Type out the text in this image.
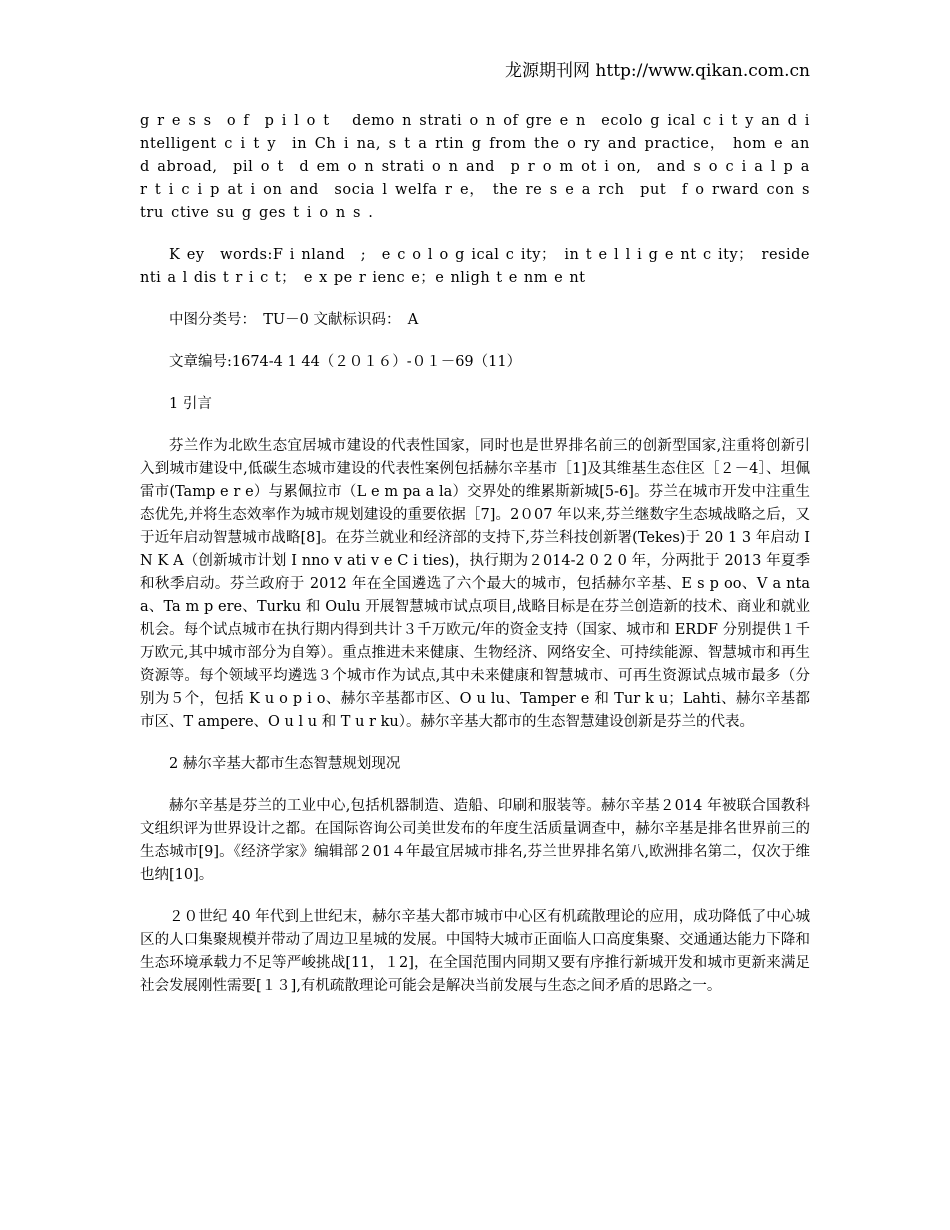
龙源期刊网 http://www.qikan.com.cn

g r e s s　o f　p i l o t　 demo n strati o n of gre e n　ecolo g ical c i t y an d intelligent c i t y　in Ch i na, s t a rtin g from the o ry and practice， hom e and abroad,　pil o t　d em o n strati o n and　p r o m ot i on,　and s o c i a l p a r t i c i p at i on and　socia l welfa r e，　the re s e a rch　put　f o rward con s tru ctive su g ges t i o n s .

K ey　words:F i nland　;　e c o l o g ical c ity；　in t e l l i g e nt c ity；　residenti a l dis t r i c t；　e x pe r ienc e；e nligh t e nm e nt

中图分类号：　TU－0 文献标识码：　A

文章编号:1674-4 1 44（２０１６）-０１－69（11）

1 引言

芬兰作为北欧生态宜居城市建设的代表性国家，同时也是世界排名前三的创新型国家,注重将创新引入到城市建设中,低碳生态城市建设的代表性案例包括赫尔辛基市［1]及其维基生态住区［２－4］、坦佩雷市(Tamp e r e）与累佩拉市（L e m pa a la）交界处的维累斯新城[5-6]。芬兰在城市开发中注重生态优先,并将生态效率作为城市规划建设的重要依据［7]。2０07 年以来,芬兰继数字生态城战略之后，又于近年启动智慧城市战略[8]。在芬兰就业和经济部的支持下,芬兰科技创新署(Tekes)于 20 1 3 年启动 IN K A（创新城市计划 I nno v ati v e C i ties)，执行期为２014-2 0 2 0 年，分两批于 2013 年夏季和秋季启动。芬兰政府于 2012 年在全国遴选了六个最大的城市，包括赫尔辛基、E s p oo、V a ntaa、Ta m p ere、Turku 和 Oulu 开展智慧城市试点项目,战略目标是在芬兰创造新的技术、商业和就业机会。每个试点城市在执行期内得到共计３千万欧元/年的资金支持（国家、城市和 ERDF 分别提供１千万欧元,其中城市部分为自筹）。重点推进未来健康、生物经济、网络安全、可持续能源、智慧城市和再生资源等。每个领域平均遴选３个城市作为试点,其中未来健康和智慧城市、可再生资源试点城市最多（分别为５个，包括 K u o p i o、赫尔辛基都市区、O u lu、Tamper e 和 Tur k u；Lahti、赫尔辛基都市区、T ampere、O u l u 和 T u r ku）。赫尔辛基大都市的生态智慧建设创新是芬兰的代表。

2 赫尔辛基大都市生态智慧规划现况

赫尔辛基是芬兰的工业中心,包括机器制造、造船、印刷和服装等。赫尔辛基２014 年被联合国教科文组织评为世界设计之都。在国际咨询公司美世发布的年度生活质量调查中，赫尔辛基是排名世界前三的生态城市[9]。《经济学家》编辑部２01４年最宜居城市排名,芬兰世界排名第八,欧洲排名第二，仅次于维也纳[10]。

２０世纪 40 年代到上世纪末，赫尔辛基大都市城市中心区有机疏散理论的应用，成功降低了中心城区的人口集聚规模并带动了周边卫星城的发展。中国特大城市正面临人口高度集聚、交通通达能力下降和生态环境承载力不足等严峻挑战[11，１2]，在全国范围内同期又要有序推行新城开发和城市更新来满足社会发展刚性需要[１３],有机疏散理论可能会是解决当前发展与生态之间矛盾的思路之一。
